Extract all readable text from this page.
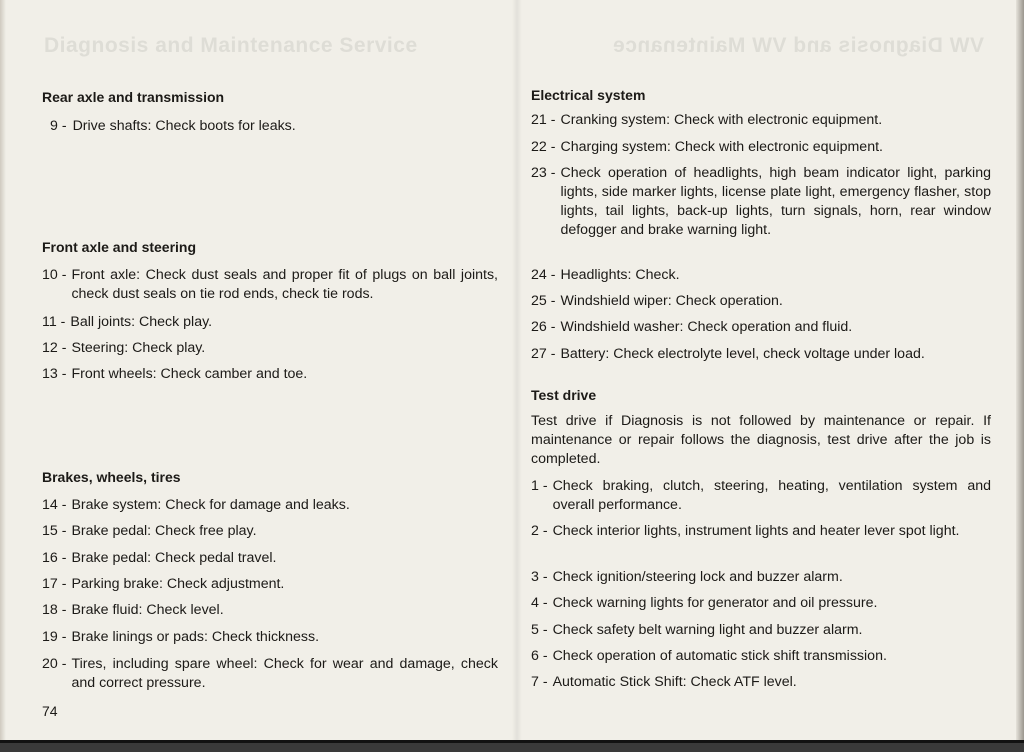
Diagnosis and Maintenance Service	VW Diagnosis and VW Maintenance
Rear axle and transmission
9 - Drive shafts: Check boots for leaks.
Front axle and steering
10 - Front axle: Check dust seals and proper fit of plugs on ball joints, check dust seals on tie rod ends, check tie rods.
11 - Ball joints: Check play.
12 - Steering: Check play.
13 - Front wheels: Check camber and toe.
Brakes, wheels, tires
14 - Brake system: Check for damage and leaks.
15 - Brake pedal: Check free play.
16 - Brake pedal: Check pedal travel.
17 - Parking brake: Check adjustment.
18 - Brake fluid: Check level.
19 - Brake linings or pads: Check thickness.
20 - Tires, including spare wheel: Check for wear and damage, check and correct pressure.
Electrical system
21 - Cranking system: Check with electronic equipment.
22 - Charging system: Check with electronic equipment.
23 - Check operation of headlights, high beam indicator light, parking lights, side marker lights, license plate light, emergency flasher, stop lights, tail lights, back-up lights, turn signals, horn, rear window defogger and brake warning light.
24 - Headlights: Check.
25 - Windshield wiper: Check operation.
26 - Windshield washer: Check operation and fluid.
27 - Battery: Check electrolyte level, check voltage under load.
Test drive
Test drive if Diagnosis is not followed by maintenance or repair. If maintenance or repair follows the diagnosis, test drive after the job is completed.
1 - Check braking, clutch, steering, heating, ventilation system and overall performance.
2 - Check interior lights, instrument lights and heater lever spot light.
3 - Check ignition/steering lock and buzzer alarm.
4 - Check warning lights for generator and oil pressure.
5 - Check safety belt warning light and buzzer alarm.
6 - Check operation of automatic stick shift transmission.
7 - Automatic Stick Shift: Check ATF level.
74
